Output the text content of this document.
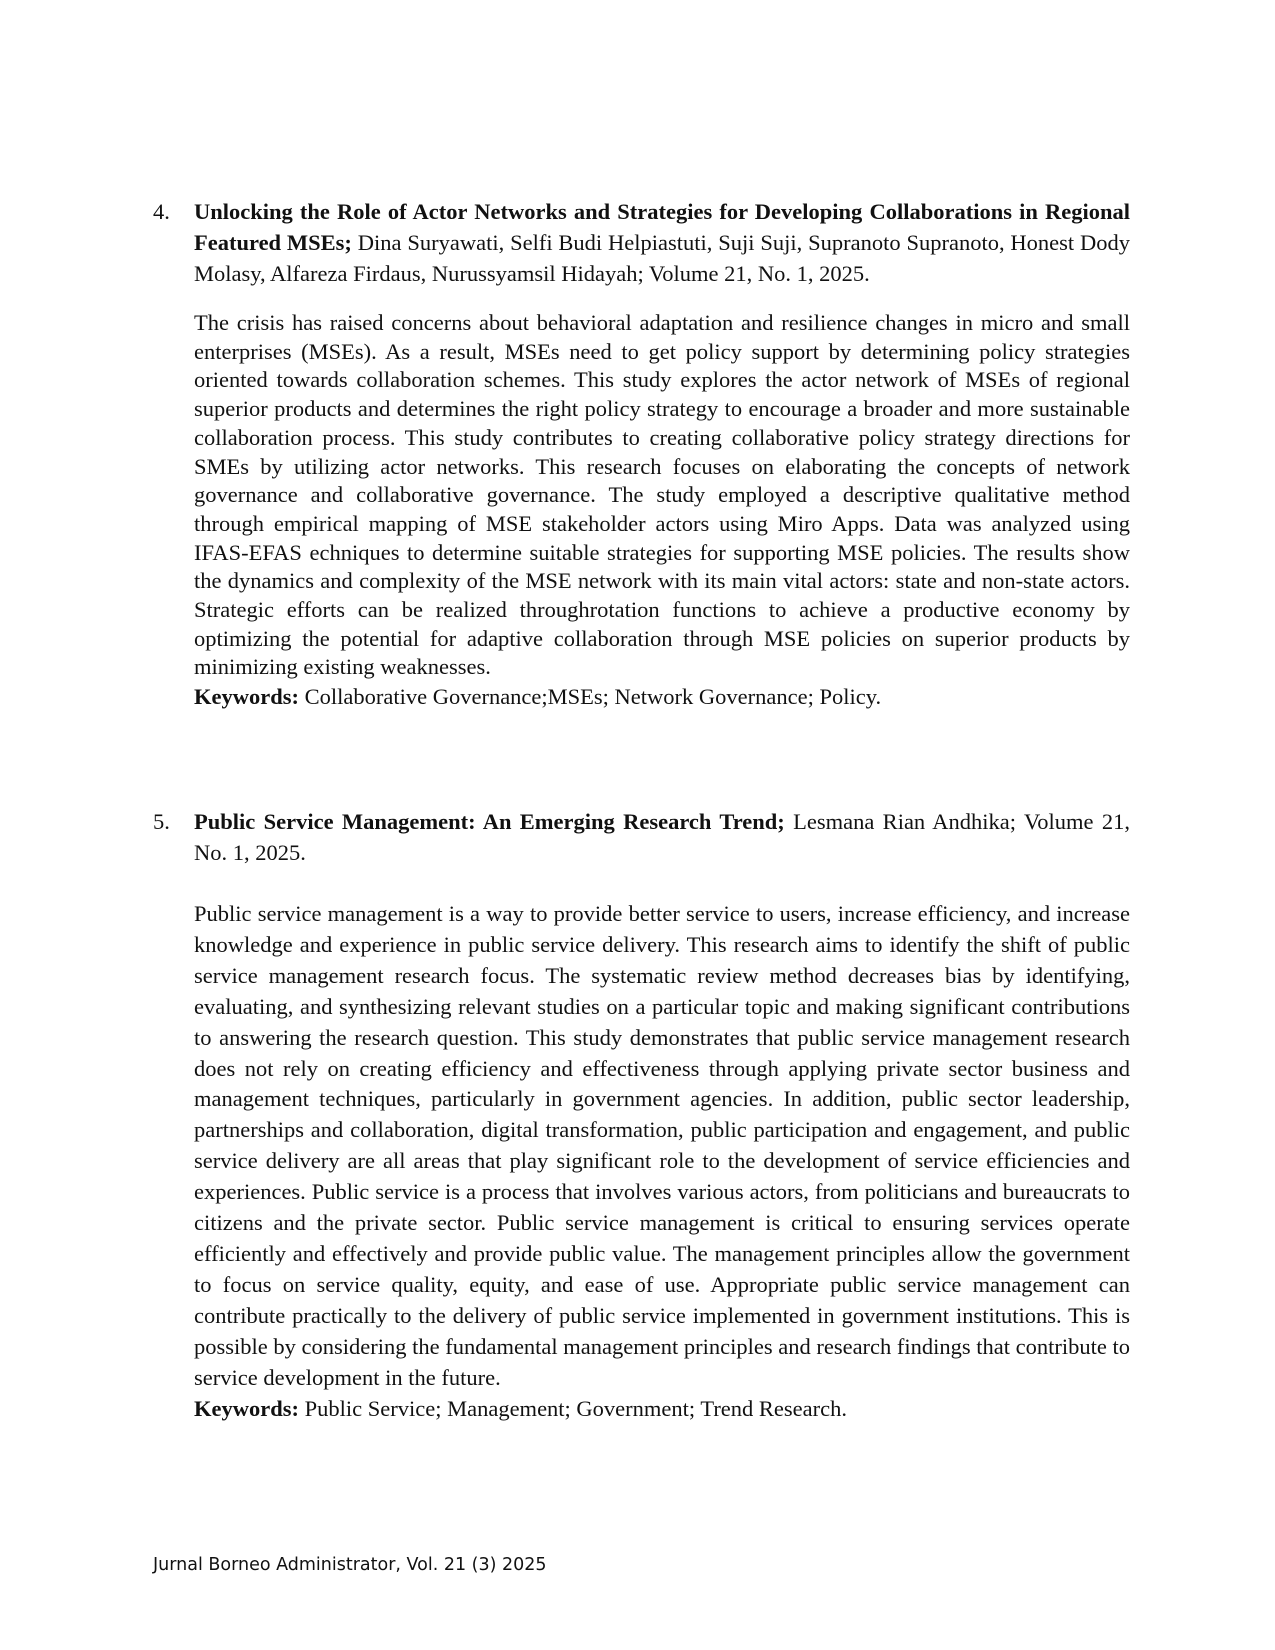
4.	Unlocking the Role of Actor Networks and Strategies for Developing Collaborations in Regional Featured MSEs; Dina Suryawati, Selfi Budi Helpiastuti, Suji Suji, Supranoto Supranoto, Honest Dody Molasy, Alfareza Firdaus, Nurussyamsil Hidayah; Volume 21, No. 1, 2025.

The crisis has raised concerns about behavioral adaptation and resilience changes in micro and small enterprises (MSEs). As a result, MSEs need to get policy support by determining policy strategies oriented towards collaboration schemes. This study explores the actor network of MSEs of regional superior products and determines the right policy strategy to encourage a broader and more sustainable collaboration process. This study contributes to creating collaborative policy strategy directions for SMEs by utilizing actor networks. This research focuses on elaborating the concepts of network governance and collaborative governance. The study employed a descriptive qualitative method through empirical mapping of MSE stakeholder actors using Miro Apps. Data was analyzed using IFAS-EFAS echniques to determine suitable strategies for supporting MSE policies. The results show the dynamics and complexity of the MSE network with its main vital actors: state and non-state actors. Strategic efforts can be realized throughrotation functions to achieve a productive economy by optimizing the potential for adaptive collaboration through MSE policies on superior products by minimizing existing weaknesses.

Keywords: Collaborative Governance;MSEs; Network Governance; Policy.

5.	Public Service Management: An Emerging Research Trend; Lesmana Rian Andhika; Volume 21, No. 1, 2025.

Public service management is a way to provide better service to users, increase efficiency, and increase knowledge and experience in public service delivery. This research aims to identify the shift of public service management research focus. The systematic review method decreases bias by identifying, evaluating, and synthesizing relevant studies on a particular topic and making significant contributions to answering the research question. This study demonstrates that public service management research does not rely on creating efficiency and effectiveness through applying private sector business and management techniques, particularly in government agencies. In addition, public sector leadership, partnerships and collaboration, digital transformation, public participation and engagement, and public service delivery are all areas that play significant role to the development of service efficiencies and experiences. Public service is a process that involves various actors, from politicians and bureaucrats to citizens and the private sector. Public service management is critical to ensuring services operate efficiently and effectively and provide public value. The management principles allow the government to focus on service quality, equity, and ease of use. Appropriate public service management can contribute practically to the delivery of public service implemented in government institutions. This is possible by considering the fundamental management principles and research findings that contribute to service development in the future.

Keywords: Public Service; Management; Government; Trend Research.

Jurnal Borneo Administrator, Vol. 21 (3) 2025
